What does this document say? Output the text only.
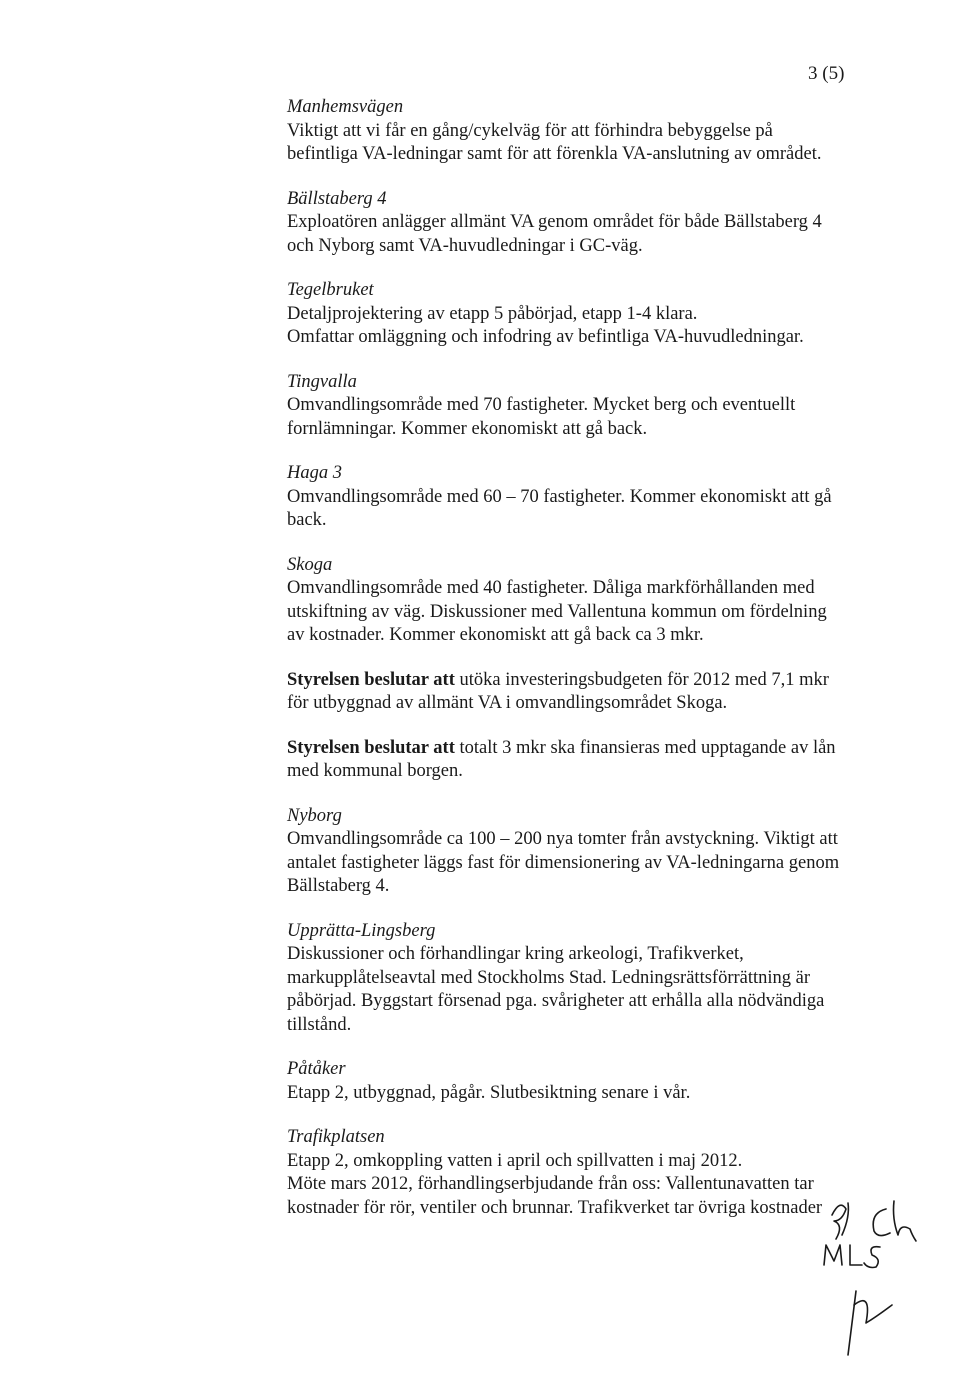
3 (5)
Manhemsvägen
Viktigt att vi får en gång/cykelväg för att förhindra bebyggelse på
befintliga VA-ledningar samt för att förenkla VA-anslutning av området.
Bällstaberg 4
Exploatören anlägger allmänt VA genom området för både Bällstaberg 4
och Nyborg samt VA-huvudledningar i GC-väg.
Tegelbruket
Detaljprojektering av etapp 5 påbörjad, etapp 1-4 klara.
Omfattar omläggning och infodring av befintliga VA-huvudledningar.
Tingvalla
Omvandlingsområde med 70 fastigheter. Mycket berg och eventuellt
fornlämningar. Kommer ekonomiskt att gå back.
Haga 3
Omvandlingsområde med 60 – 70 fastigheter. Kommer ekonomiskt att gå
back.
Skoga
Omvandlingsområde med 40 fastigheter. Dåliga markförhållanden med
utskiftning av väg. Diskussioner med Vallentuna kommun om fördelning
av kostnader. Kommer ekonomiskt att gå back ca 3 mkr.
Styrelsen beslutar att utöka investeringsbudgeten för 2012 med 7,1 mkr
för utbyggnad av allmänt VA i omvandlingsområdet Skoga.
Styrelsen beslutar att totalt 3 mkr ska finansieras med upptagande av lån
med kommunal borgen.
Nyborg
Omvandlingsområde ca 100 – 200 nya tomter från avstyckning. Viktigt att
antalet fastigheter läggs fast för dimensionering av VA-ledningarna genom
Bällstaberg 4.
Upprätta-Lingsberg
Diskussioner och förhandlingar kring arkeologi, Trafikverket,
markupplåtelseavtal med Stockholms Stad. Ledningsrättsförrättning är
påbörjad. Byggstart försenad pga. svårigheter att erhålla alla nödvändiga
tillstånd.
Påtåker
Etapp 2, utbyggnad, pågår. Slutbesiktning senare i vår.
Trafikplatsen
Etapp 2, omkoppling vatten i april och spillvatten i maj 2012.
Möte mars 2012, förhandlingserbjudande från oss: Vallentunavatten tar
kostnader för rör, ventiler och brunnar. Trafikverket tar övriga kostnader
